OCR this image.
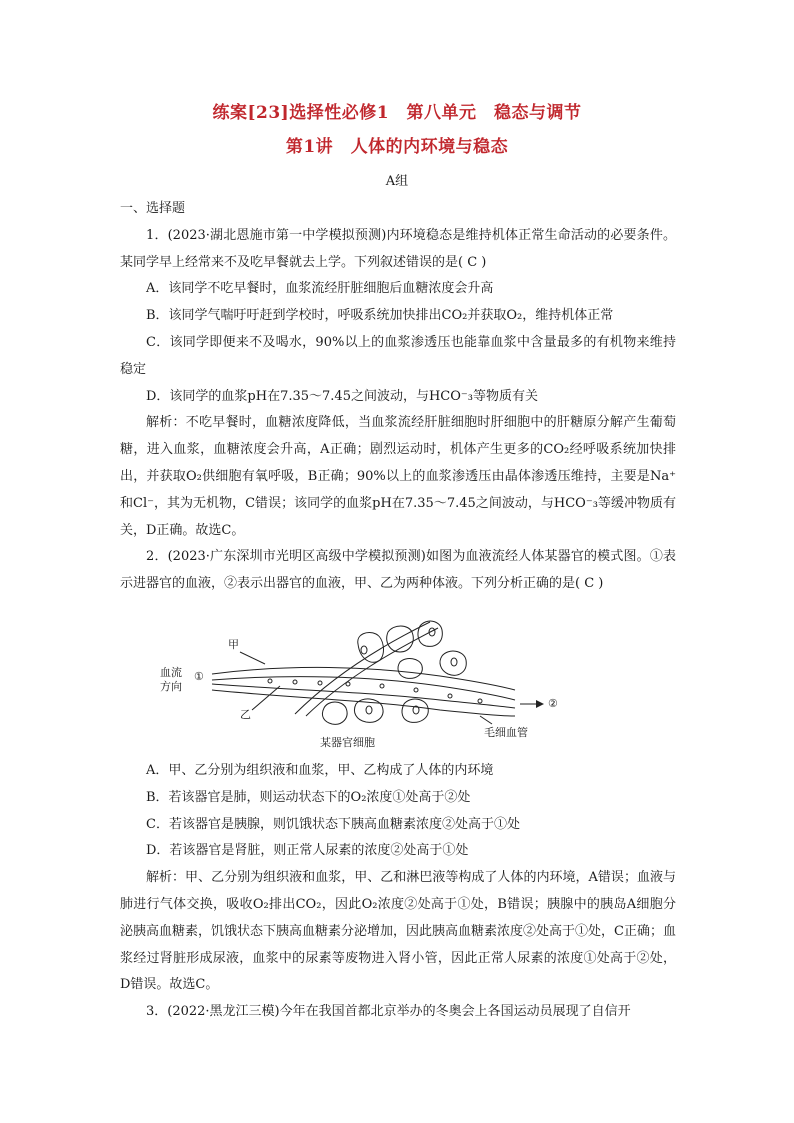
练案[23]选择性必修1　第八单元　稳态与调节
第1讲　人体的内环境与稳态
A组

一、选择题

1．(2023·湖北恩施市第一中学模拟预测)内环境稳态是维持机体正常生命活动的必要条件。某同学早上经常来不及吃早餐就去上学。下列叙述错误的是( C )

A．该同学不吃早餐时，血浆流经肝脏细胞后血糖浓度会升高

B．该同学气喘吁吁赶到学校时，呼吸系统加快排出CO₂并获取O₂，维持机体正常

C．该同学即便来不及喝水，90%以上的血浆渗透压也能靠血浆中含量最多的有机物来维持稳定

D．该同学的血浆pH在7.35～7.45之间波动，与HCO⁻₃等物质有关

解析：不吃早餐时，血糖浓度降低，当血浆流经肝脏细胞时肝细胞中的肝糖原分解产生葡萄糖，进入血浆，血糖浓度会升高，A正确；剧烈运动时，机体产生更多的CO₂经呼吸系统加快排出，并获取O₂供细胞有氧呼吸，B正确；90%以上的血浆渗透压由晶体渗透压维持，主要是Na⁺和Cl⁻，其为无机物，C错误；该同学的血浆pH在7.35～7.45之间波动，与HCO⁻₃等缓冲物质有关，D正确。故选C。

2．(2023·广东深圳市光明区高级中学模拟预测)如图为血液流经人体某器官的模式图。①表示进器官的血液，②表示出器官的血液，甲、乙为两种体液。下列分析正确的是( C )

甲
乙
血流
方向
①
②
某器官细胞
毛细血管

A．甲、乙分别为组织液和血浆，甲、乙构成了人体的内环境

B．若该器官是肺，则运动状态下的O₂浓度①处高于②处

C．若该器官是胰腺，则饥饿状态下胰高血糖素浓度②处高于①处

D．若该器官是肾脏，则正常人尿素的浓度②处高于①处

解析：甲、乙分别为组织液和血浆，甲、乙和淋巴液等构成了人体的内环境，A错误；血液与肺进行气体交换，吸收O₂排出CO₂，因此O₂浓度②处高于①处，B错误；胰腺中的胰岛A细胞分泌胰高血糖素，饥饿状态下胰高血糖素分泌增加，因此胰高血糖素浓度②处高于①处，C正确；血浆经过肾脏形成尿液，血浆中的尿素等废物进入肾小管，因此正常人尿素的浓度①处高于②处，D错误。故选C。

3．(2022·黑龙江三模)今年在我国首都北京举办的冬奥会上各国运动员展现了自信开
